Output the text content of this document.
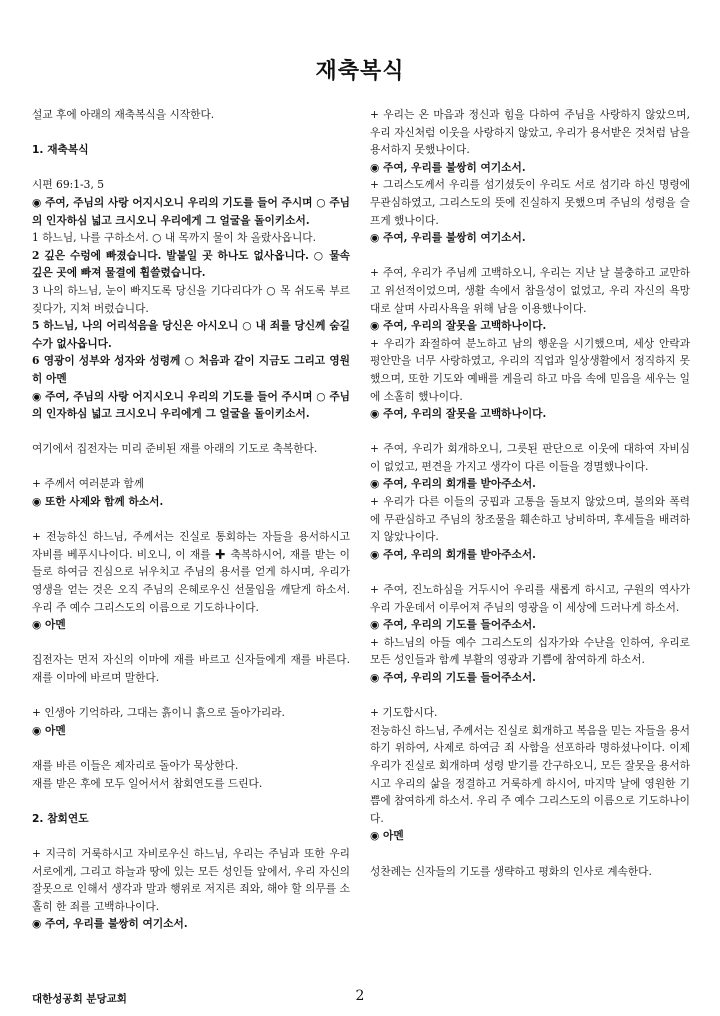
재축복식

설교 후에 아래의 재축복식을 시작한다.

1. 재축복식

시편 69:1-3, 5

◉ 주여, 주님의 사랑 어지시오니 우리의 기도를 들어 주시며 ○ 주님의 인자하심 넓고 크시오니 우리에게 그 얼굴을 돌이키소서.

1 하느님, 나를 구하소서. ○ 내 목까지 물이 차 올랐사옵니다.

2 깊은 수렁에 빠졌습니다. 발붙일 곳 하나도 없사옵니다. ○ 물속 깊은 곳에 빠져 물결에 휩쓸렸습니다.

3 나의 하느님, 눈이 빠지도록 당신을 기다리다가 ○ 목 쉬도록 부르짖다가, 지쳐 버렸습니다.

5 하느님, 나의 어리석음을 당신은 아시오니 ○ 내 죄를 당신께 숨길 수가 없사옵니다.

6 영광이 성부와 성자와 성령께 ○ 처음과 같이 지금도 그리고 영원히 아멘

◉ 주여, 주님의 사랑 어지시오니 우리의 기도를 들어 주시며 ○ 주님의 인자하심 넓고 크시오니 우리에게 그 얼굴을 돌이키소서.

여기에서 집전자는 미리 준비된 재를 아래의 기도로 축복한다.

+ 주께서 여러분과 함께

◉ 또한 사제와 함께 하소서.

+ 전능하신 하느님, 주께서는 진실로 통회하는 자들을 용서하시고 자비를 베푸시나이다. 비오니, 이 재를 ✚ 축복하시어, 재를 받는 이들로 하여금 진심으로 뉘우치고 주님의 용서를 얻게 하시며, 우리가 영생을 얻는 것은 오직 주님의 은혜로우신 선물임을 깨닫게 하소서. 우리 주 예수 그리스도의 이름으로 기도하나이다.

◉ 아멘

집전자는 먼저 자신의 이마에 재를 바르고 신자들에게 재를 바른다. 재를 이마에 바르며 말한다.

+ 인생아 기억하라, 그대는 흙이니 흙으로 돌아가리라.

◉ 아멘

재를 바른 이들은 제자리로 돌아가 묵상한다.

재를 받은 후에 모두 일어서서 참회연도를 드린다.

2. 참회연도

+ 지극히 거룩하시고 자비로우신 하느님, 우리는 주님과 또한 우리 서로에게, 그리고 하늘과 땅에 있는 모든 성인들 앞에서, 우리 자신의 잘못으로 인해서 생각과 말과 행위로 저지른 죄와, 해야 할 의무를 소홀히 한 죄를 고백하나이다.

◉ 주여, 우리를 불쌍히 여기소서.

+ 우리는 온 마음과 정신과 힘을 다하여 주님을 사랑하지 않았으며, 우리 자신처럼 이웃을 사랑하지 않았고, 우리가 용서받은 것처럼 남을 용서하지 못했나이다.

◉ 주여, 우리를 불쌍히 여기소서.

+ 그리스도께서 우리를 섬기셨듯이 우리도 서로 섬기라 하신 명령에 무관심하였고, 그리스도의 뜻에 진실하지 못했으며 주님의 성령을 슬프게 했나이다.

◉ 주여, 우리를 불쌍히 여기소서.

+ 주여, 우리가 주님께 고백하오니, 우리는 지난 날 불충하고 교만하고 위선적이었으며, 생활 속에서 참을성이 없었고, 우리 자신의 욕망대로 살며 사리사욕을 위해 남을 이용했나이다.

◉ 주여, 우리의 잘못을 고백하나이다.

+ 우리가 좌절하여 분노하고 남의 행운을 시기했으며, 세상 안락과 평안만을 너무 사랑하였고, 우리의 직업과 일상생활에서 정직하지 못했으며, 또한 기도와 예배를 게을리 하고 마음 속에 믿음을 세우는 일에 소홀히 했나이다.

◉ 주여, 우리의 잘못을 고백하나이다.

+ 주여, 우리가 회개하오니, 그릇된 판단으로 이웃에 대하여 자비심이 없었고, 편견을 가지고 생각이 다른 이들을 경멸했나이다.

◉ 주여, 우리의 회개를 받아주소서.

+ 우리가 다른 이들의 궁핍과 고통을 돌보지 않았으며, 불의와 폭력에 무관심하고 주님의 창조물을 훼손하고 낭비하며, 후세들을 배려하지 않았나이다.

◉ 주여, 우리의 회개를 받아주소서.

+ 주여, 진노하심을 거두시어 우리를 새롭게 하시고, 구원의 역사가 우리 가운데서 이루어져 주님의 영광을 이 세상에 드러나게 하소서.

◉ 주여, 우리의 기도를 들어주소서.

+ 하느님의 아들 예수 그리스도의 십자가와 수난을 인하여, 우리로 모든 성인들과 함께 부활의 영광과 기쁨에 참여하게 하소서.

◉ 주여, 우리의 기도를 들어주소서.

+ 기도합시다.

전능하신 하느님, 주께서는 진실로 회개하고 복음을 믿는 자들을 용서하기 위하여, 사제로 하여금 죄 사함을 선포하라 명하셨나이다. 이제 우리가 진실로 회개하며 성령 받기를 간구하오니, 모든 잘못을 용서하시고 우리의 삶을 정결하고 거룩하게 하시어, 마지막 날에 영원한 기쁨에 참여하게 하소서. 우리 주 예수 그리스도의 이름으로 기도하나이다.

◉ 아멘

성찬례는 신자들의 기도를 생략하고 평화의 인사로 계속한다.

대한성공회 분당교회	2
